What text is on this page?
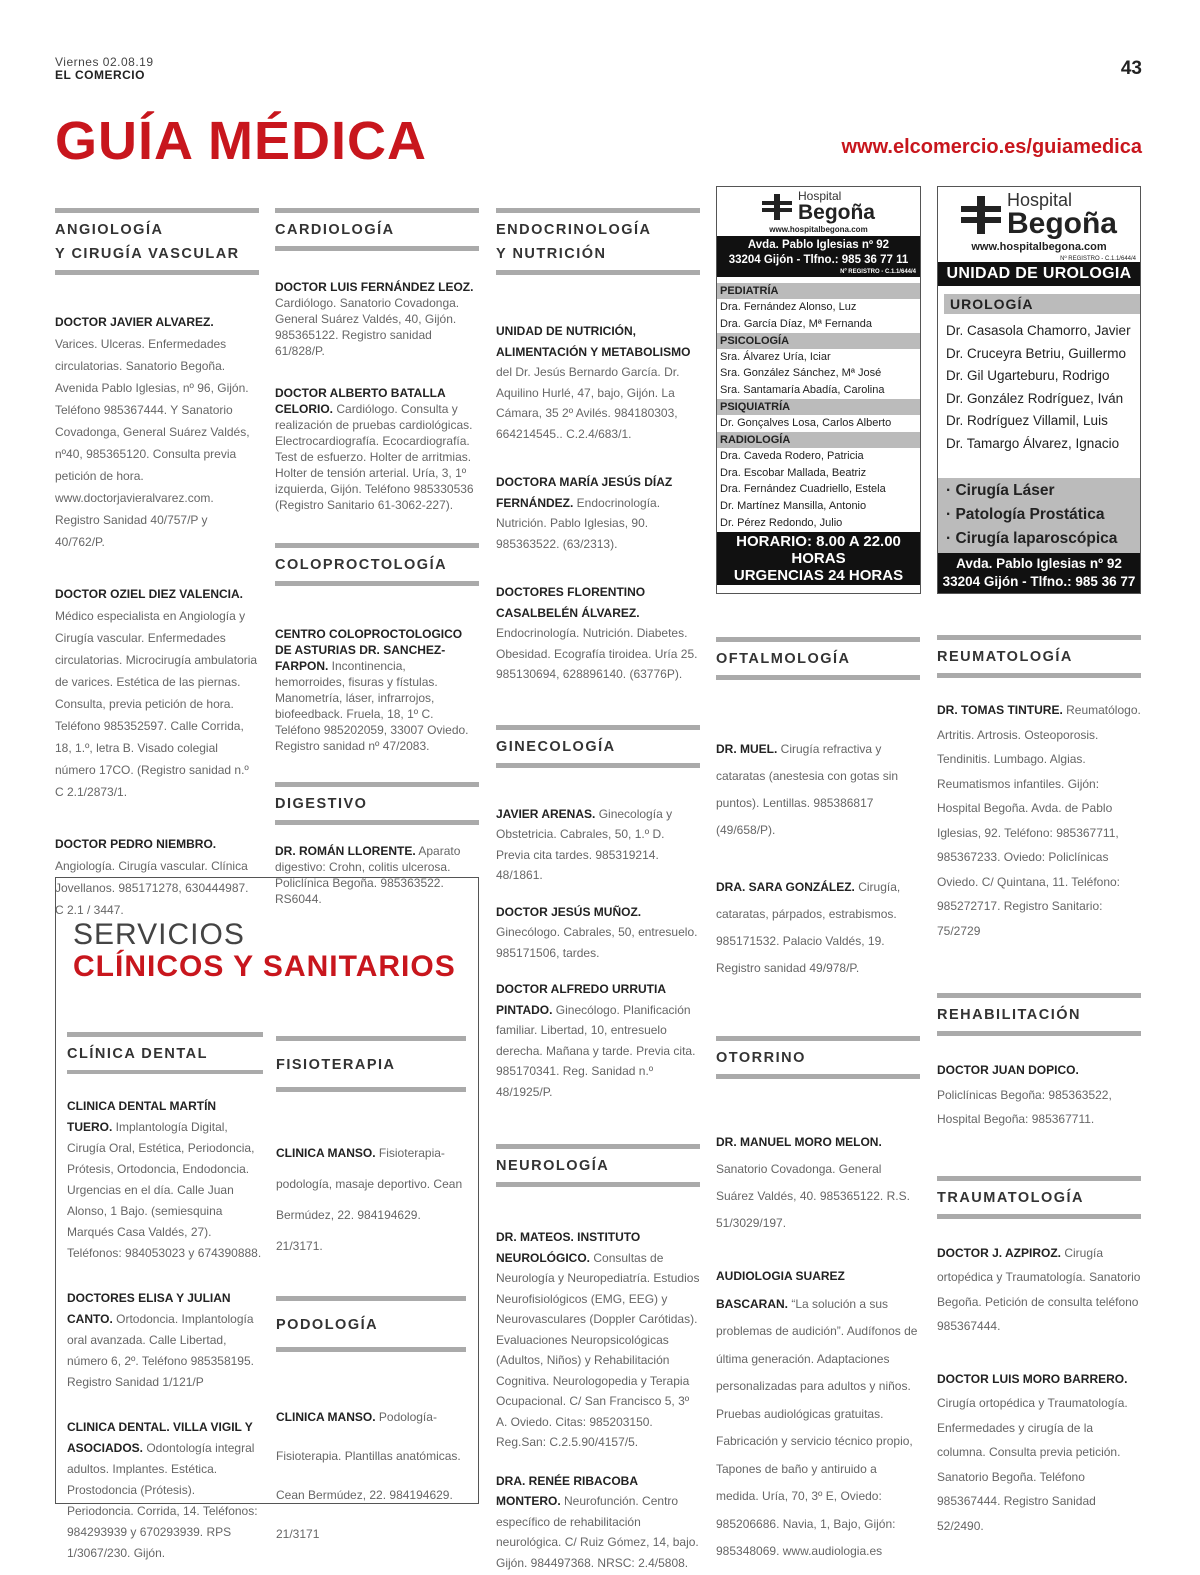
Viernes 02.08.19
EL COMERCIO	43
GUÍA MÉDICA	www.elcomercio.es/guiamedica
ANGIOLOGÍA
Y CIRUGÍA VASCULAR
DOCTOR JAVIER ALVAREZ. Varices. Ulceras. Enfermedades circulatorias. Sanatorio Begoña. Avenida Pablo Iglesias, nº 96, Gijón. Teléfono 985367444. Y Sanatorio Covadonga, General Suárez Valdés, nº40, 985365120. Consulta previa petición de hora. www.doctorjavieralvarez.com. Registro Sanidad 40/757/P y 40/762/P.
DOCTOR OZIEL DIEZ VALENCIA. Médico especialista en Angiología y Cirugía vascular. Enfermedades circulatorias. Microcirugía ambulatoria de varices. Estética de las piernas. Consulta, previa petición de hora. Teléfono 985352597. Calle Corrida, 18, 1.º, letra B. Visado colegial número 17CO. (Registro sanidad n.º C 2.1/2873/1.
DOCTOR PEDRO NIEMBRO. Angiología. Cirugía vascular. Clínica Jovellanos. 985171278, 630444987. C 2.1 / 3447.
CARDIOLOGÍA
DOCTOR LUIS FERNÁNDEZ LEOZ. Cardiólogo. Sanatorio Covadonga. General Suárez Valdés, 40, Gijón. 985365122. Registro sanidad 61/828/P.
DOCTOR ALBERTO BATALLA CELORIO. Cardiólogo. Consulta y realización de pruebas cardiológicas. Electrocardiografía. Ecocardiografía. Test de esfuerzo. Holter de arritmias. Holter de tensión arterial. Uría, 3, 1º izquierda, Gijón. Teléfono 985330536 (Registro Sanitario 61-3062-227).
COLOPROCTOLOGÍA
CENTRO COLOPROCTOLOGICO DE ASTURIAS DR. SANCHEZ-FARPON. Incontinencia, hemorroides, fisuras y fístulas. Manometría, láser, infrarrojos, biofeedback. Fruela, 18, 1º C. Teléfono 985202059, 33007 Oviedo. Registro sanidad nº 47/2083.
DIGESTIVO
DR. ROMÁN LLORENTE. Aparato digestivo: Crohn, colitis ulcerosa. Policlínica Begoña. 985363522. RS6044.
ENDOCRINOLOGÍA
Y NUTRICIÓN
UNIDAD DE NUTRICIÓN, ALIMENTACIÓN Y METABOLISMO del Dr. Jesús Bernardo García. Dr. Aquilino Hurlé, 47, bajo, Gijón. La Cámara, 35 2º Avilés. 984180303, 664214545.. C.2.4/683/1.
DOCTORA MARÍA JESÚS DÍAZ FERNÁNDEZ. Endocrinología. Nutrición. Pablo Iglesias, 90. 985363522. (63/2313).
DOCTORES FLORENTINO CASALBELÉN ÁLVAREZ. Endocrinología. Nutrición. Diabetes. Obesidad. Ecografía tiroidea. Uría 25. 985130694, 628896140. (63776P).
GINECOLOGÍA
JAVIER ARENAS. Ginecología y Obstetricia. Cabrales, 50, 1.º D. Previa cita tardes. 985319214. 48/1861.
DOCTOR JESÚS MUÑOZ. Ginecólogo. Cabrales, 50, entresuelo. 985171506, tardes.
DOCTOR ALFREDO URRUTIA PINTADO. Ginecólogo. Planificación familiar. Libertad, 10, entresuelo derecha. Mañana y tarde. Previa cita. 985170341. Reg. Sanidad n.º 48/1925/P.
NEUROLOGÍA
DR. MATEOS. INSTITUTO NEUROLÓGICO. Consultas de Neurología y Neuropediatría. Estudios Neurofisiológicos (EMG, EEG) y Neurovasculares (Doppler Carótidas). Evaluaciones Neuropsicológicas (Adultos, Niños) y Rehabilitación Cognitiva. Neurologopedia y Terapia Ocupacional. C/ San Francisco 5, 3º A. Oviedo. Citas: 985203150. Reg.San: C.2.5.90/4157/5.
DRA. RENÉE RIBACOBA MONTERO. Neurofunción. Centro específico de rehabilitación neurológica. C/ Ruiz Gómez, 14, bajo. Gijón. 984497368. NRSC: 2.4/5808.
Hospital
Begoña
www.hospitalbegona.com
Avda. Pablo Iglesias nº 92
33204 Gijón - Tlfno.: 985 36 77 11
Nº REGISTRO - C.1.1/644/4
PEDIATRÍA
Dra. Fernández Alonso, Luz
Dra. García Díaz, Mª Fernanda
PSICOLOGÍA
Sra. Álvarez Uría, Iciar
Sra. González Sánchez, Mª José
Sra. Santamaría Abadía, Carolina
PSIQUIATRÍA
Dr. Gonçalves Losa, Carlos Alberto
RADIOLOGÍA
Dra. Caveda Rodero, Patricia
Dra. Escobar Mallada, Beatriz
Dra. Fernández Cuadriello, Estela
Dr. Martínez Mansilla, Antonio
Dr. Pérez Redondo, Julio
HORARIO: 8.00 A 22.00 HORAS
URGENCIAS 24 HORAS
Hospital
Begoña
www.hospitalbegona.com
Nº REGISTRO - C.1.1/644/4
UNIDAD DE UROLOGIA
UROLOGÍA
Dr. Casasola Chamorro, Javier
Dr. Cruceyra Betriu, Guillermo
Dr. Gil Ugarteburu, Rodrigo
Dr. González Rodríguez, Iván
Dr. Rodríguez Villamil, Luis
Dr. Tamargo Álvarez, Ignacio
· Cirugía Láser
· Patología Prostática
· Cirugía laparoscópica
Avda. Pablo Iglesias nº 92
33204 Gijón - Tlfno.: 985 36 77 11
OFTALMOLOGÍA
DR. MUEL. Cirugía refractiva y cataratas (anestesia con gotas sin puntos). Lentillas. 985386817 (49/658/P).
DRA. SARA GONZÁLEZ. Cirugía, cataratas, párpados, estrabismos. 985171532. Palacio Valdés, 19. Registro sanidad 49/978/P.
OTORRINO
DR. MANUEL MORO MELON. Sanatorio Covadonga. General Suárez Valdés, 40. 985365122. R.S. 51/3029/197.
AUDIOLOGIA SUAREZ BASCARAN. “La solución a sus problemas de audición”. Audífonos de última generación. Adaptaciones personalizadas para adultos y niños. Pruebas audiológicas gratuitas. Fabricación y servicio técnico propio, Tapones de baño y antiruido a medida. Uría, 70, 3º E, Oviedo: 985206686. Navia, 1, Bajo, Gijón: 985348069. www.audiologia.es
REUMATOLOGÍA
DR. TOMAS TINTURE. Reumatólogo. Artritis. Artrosis. Osteoporosis. Tendinitis. Lumbago. Algias. Reumatismos infantiles. Gijón: Hospital Begoña. Avda. de Pablo Iglesias, 92. Teléfono: 985367711, 985367233. Oviedo: Policlínicas Oviedo. C/ Quintana, 11. Teléfono: 985272717. Registro Sanitario: 75/2729
REHABILITACIÓN
DOCTOR JUAN DOPICO. Policlínicas Begoña: 985363522, Hospital Begoña: 985367711.
TRAUMATOLOGÍA
DOCTOR J. AZPIROZ. Cirugía ortopédica y Traumatología. Sanatorio Begoña. Petición de consulta teléfono 985367444.
DOCTOR LUIS MORO BARRERO. Cirugía ortopédica y Traumatología. Enfermedades y cirugía de la columna. Consulta previa petición. Sanatorio Begoña. Teléfono 985367444. Registro Sanidad 52/2490.
SERVICIOS
CLÍNICOS Y SANITARIOS
CLÍNICA DENTAL
CLINICA DENTAL MARTÍN TUERO. Implantología Digital, Cirugía Oral, Estética, Periodoncia, Prótesis, Ortodoncia, Endodoncia. Urgencias en el día. Calle Juan Alonso, 1 Bajo. (semiesquina Marqués Casa Valdés, 27). Teléfonos: 984053023 y 674390888.
DOCTORES ELISA Y JULIAN CANTO. Ortodoncia. Implantología oral avanzada. Calle Libertad, número 6, 2º. Teléfono 985358195. Registro Sanidad 1/121/P
CLINICA DENTAL. VILLA VIGIL Y ASOCIADOS. Odontología integral adultos. Implantes. Estética. Prostodoncia (Prótesis). Periodoncia. Corrida, 14. Teléfonos: 984293939 y 670293939. RPS 1/3067/230. Gijón.
FISIOTERAPIA
CLINICA MANSO. Fisioterapia-podología, masaje deportivo. Cean Bermúdez, 22. 984194629. 21/3171.
PODOLOGÍA
CLINICA MANSO. Podología-Fisioterapia. Plantillas anatómicas. Cean Bermúdez, 22. 984194629. 21/3171
